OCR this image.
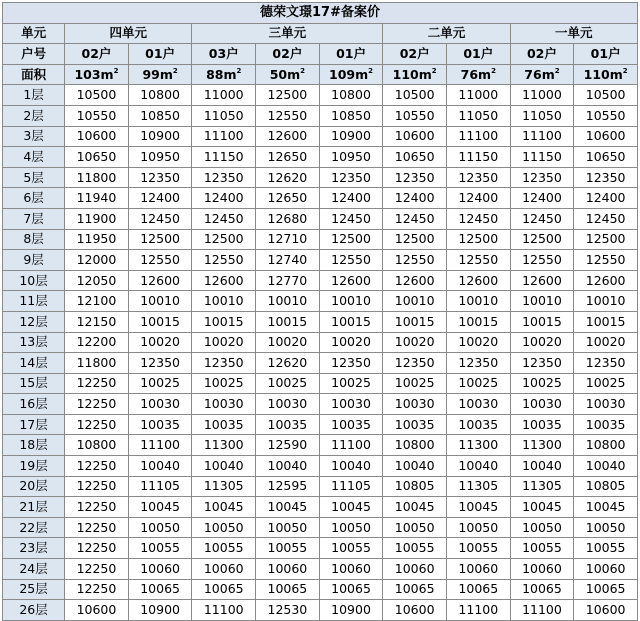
德荣文璟17#备案价									
单元	四单元		三单元			二单元		一单元	
户号	02户	01户	03户	02户	01户	02户	01户	02户	01户
面积	$103m^2$	$99m^2$	$88m^2$	$50m^2$	$109m^2$	$110m^2$	$76m^2$	$76m^2$	$110m^2$
1层	10500	10800	11000	12500	10800	10500	11000	11000	10500
2层	10550	10850	11050	12550	10850	10550	11050	11050	10550
3层	10600	10900	11100	12600	10900	10600	11100	11100	10600
4层	10650	10950	11150	12650	10950	10650	11150	11150	10650
5层	11800	12350	12350	12620	12350	12350	12350	12350	12350
6层	11940	12400	12400	12650	12400	12400	12400	12400	12400
7层	11900	12450	12450	12680	12450	12450	12450	12450	12450
8层	11950	12500	12500	12710	12500	12500	12500	12500	12500
9层	12000	12550	12550	12740	12550	12550	12550	12550	12550
10层	12050	12600	12600	12770	12600	12600	12600	12600	12600
11层	12100	10010	10010	10010	10010	10010	10010	10010	10010
12层	12150	10015	10015	10015	10015	10015	10015	10015	10015
13层	12200	10020	10020	10020	10020	10020	10020	10020	10020
14层	11800	12350	12350	12620	12350	12350	12350	12350	12350
15层	12250	10025	10025	10025	10025	10025	10025	10025	10025
16层	12250	10030	10030	10030	10030	10030	10030	10030	10030
17层	12250	10035	10035	10035	10035	10035	10035	10035	10035
18层	10800	11100	11300	12590	11100	10800	11300	11300	10800
19层	12250	10040	10040	10040	10040	10040	10040	10040	10040
20层	12250	11105	11305	12595	11105	10805	11305	11305	10805
21层	12250	10045	10045	10045	10045	10045	10045	10045	10045
22层	12250	10050	10050	10050	10050	10050	10050	10050	10050
23层	12250	10055	10055	10055	10055	10055	10055	10055	10055
24层	12250	10060	10060	10060	10060	10060	10060	10060	10060
25层	12250	10065	10065	10065	10065	10065	10065	10065	10065
26层	10600	10900	11100	12530	10900	10600	11100	11100	10600
